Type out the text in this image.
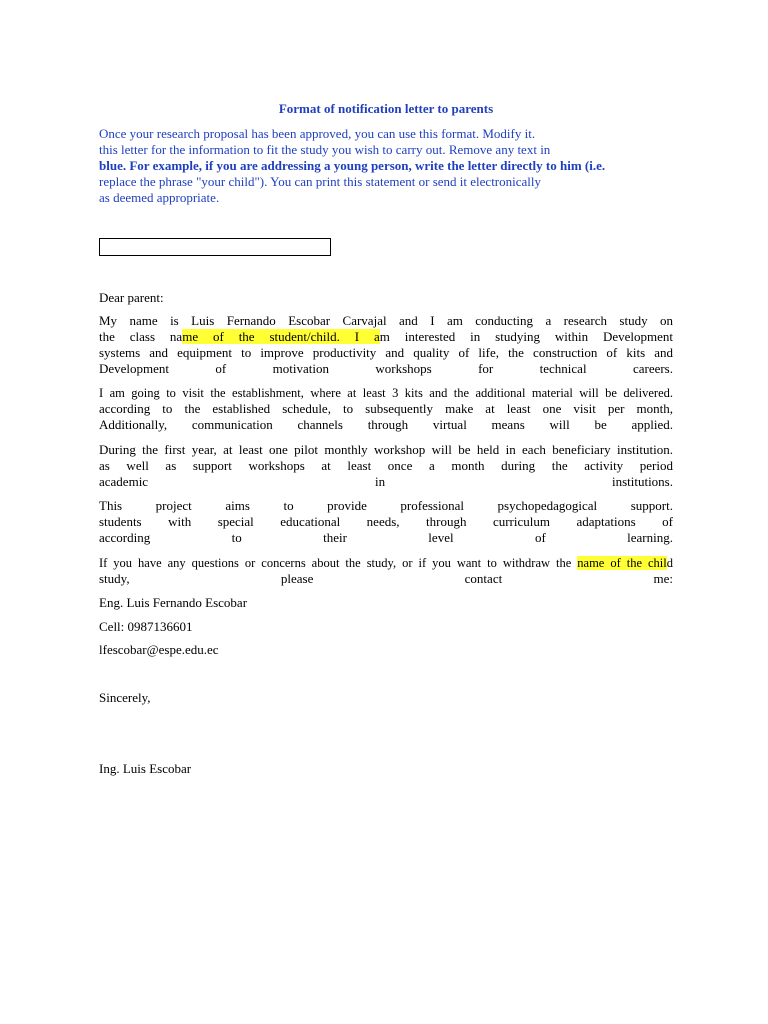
Format of notification letter to parents
Once your research proposal has been approved, you can use this format. Modify it.
this letter for the information to fit the study you wish to carry out. Remove any text in
blue. For example, if you are addressing a young person, write the letter directly to him (i.e.
replace the phrase "your child"). You can print this statement or send it electronically
as deemed appropriate.
Dear parent:
My name is Luis Fernando Escobar Carvajal and I am conducting a research study on
the class name of the student/child. I am interested in studying within Development
systems and equipment to improve productivity and quality of life, the construction of kits and
Development of motivation workshops for technical careers.
I am going to visit the establishment, where at least 3 kits and the additional material will be delivered.
according to the established schedule, to subsequently make at least one visit per month,
Additionally, communication channels through virtual means will be applied.
During the first year, at least one pilot monthly workshop will be held in each beneficiary institution.
as well as support workshops at least once a month during the activity period
academic in institutions.
This project aims to provide professional psychopedagogical support.
students with special educational needs, through curriculum adaptations of
according to their level of learning.
If you have any questions or concerns about the study, or if you want to withdraw the name of the child
study, please contact me:
Eng. Luis Fernando Escobar
Cell: 0987136601
lfescobar@espe.edu.ec
Sincerely,
Ing. Luis Escobar
